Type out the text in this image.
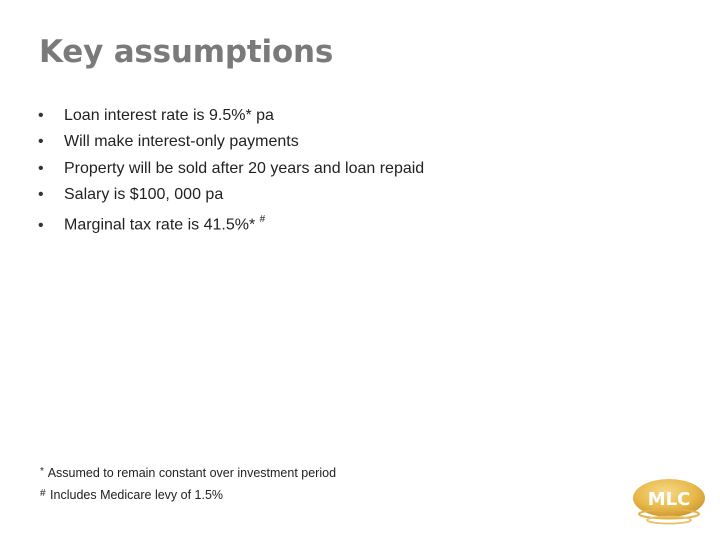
Key assumptions
• Loan interest rate is 9.5%* pa
• Will make interest-only payments
• Property will be sold after 20 years and loan repaid
• Salary is $100, 000 pa
• Marginal tax rate is 41.5%* #
* Assumed to remain constant over investment period
# Includes Medicare levy of 1.5%	MLC
